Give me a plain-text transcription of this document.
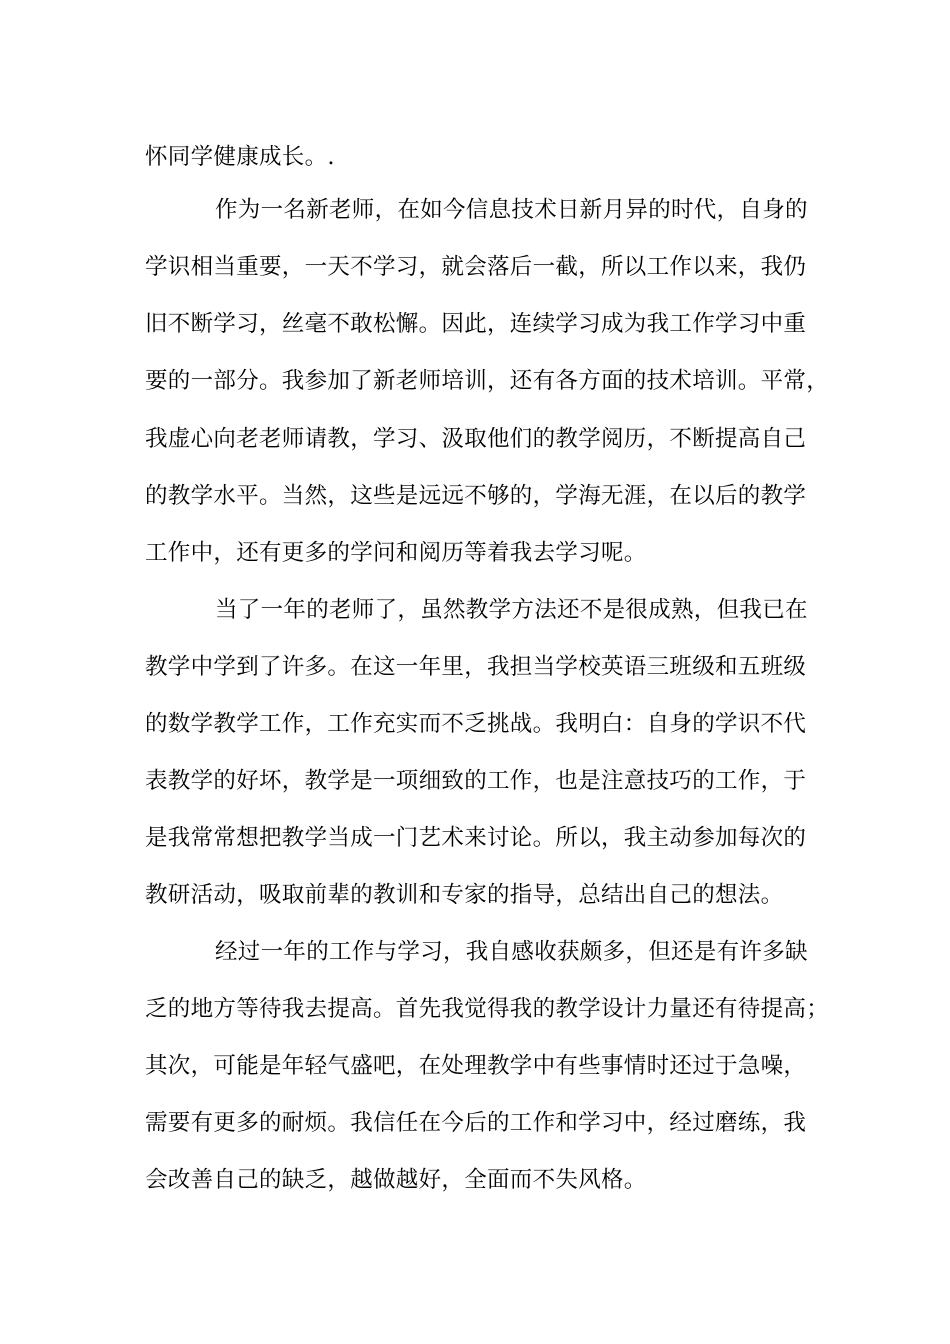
怀同学健康成长。.
作为一名新老师，在如今信息技术日新月异的时代，自身的
学识相当重要，一天不学习，就会落后一截，所以工作以来，我仍
旧不断学习，丝毫不敢松懈。因此，连续学习成为我工作学习中重
要的一部分。我参加了新老师培训，还有各方面的技术培训。平常，
我虚心向老老师请教，学习、汲取他们的教学阅历，不断提高自己
的教学水平。当然，这些是远远不够的，学海无涯，在以后的教学
工作中，还有更多的学问和阅历等着我去学习呢。
当了一年的老师了，虽然教学方法还不是很成熟，但我已在
教学中学到了许多。在这一年里，我担当学校英语三班级和五班级
的数学教学工作，工作充实而不乏挑战。我明白：自身的学识不代
表教学的好坏，教学是一项细致的工作，也是注意技巧的工作，于
是我常常想把教学当成一门艺术来讨论。所以，我主动参加每次的
教研活动，吸取前辈的教训和专家的指导，总结出自己的想法。
经过一年的工作与学习，我自感收获颇多，但还是有许多缺
乏的地方等待我去提高。首先我觉得我的教学设计力量还有待提高；
其次，可能是年轻气盛吧，在处理教学中有些事情时还过于急噪，
需要有更多的耐烦。我信任在今后的工作和学习中，经过磨练，我
会改善自己的缺乏，越做越好，全面而不失风格。
